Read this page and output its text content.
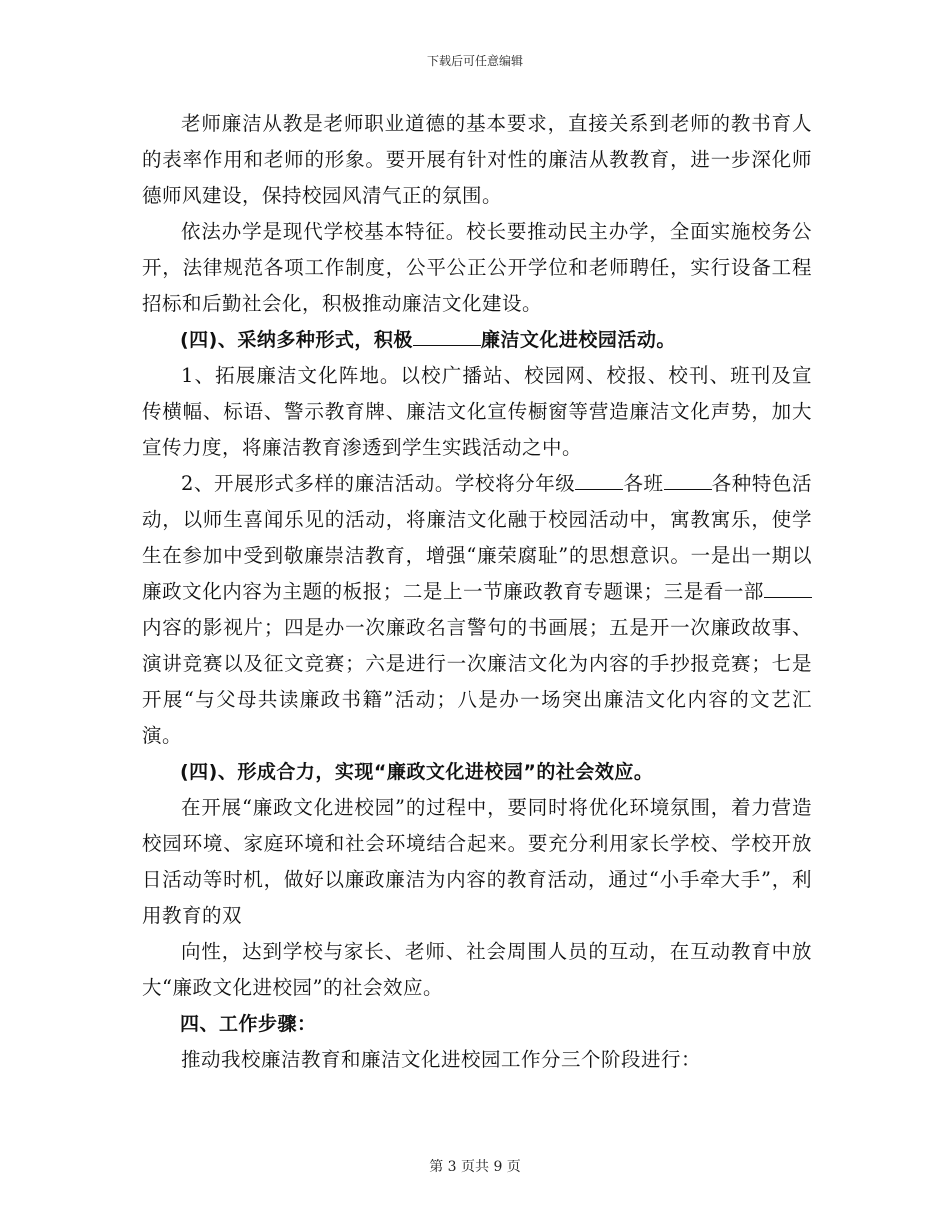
下载后可任意编辑

老师廉洁从教是老师职业道德的基本要求，直接关系到老师的教书育人的表率作用和老师的形象。要开展有针对性的廉洁从教教育，进一步深化师德师风建设，保持校园风清气正的氛围。

依法办学是现代学校基本特征。校长要推动民主办学，全面实施校务公开，法律规范各项工作制度，公平公正公开学位和老师聘任，实行设备工程招标和后勤社会化，积极推动廉洁文化建设。

(四)、采纳多种形式，积极	廉洁文化进校园活动。

1、拓展廉洁文化阵地。以校广播站、校园网、校报、校刊、班刊及宣传横幅、标语、警示教育牌、廉洁文化宣传橱窗等营造廉洁文化声势，加大宣传力度，将廉洁教育渗透到学生实践活动之中。

2、开展形式多样的廉洁活动。学校将分年级 各班 各种特色活动，以师生喜闻乐见的活动，将廉洁文化融于校园活动中，寓教寓乐，使学生在参加中受到敬廉崇洁教育，增强“廉荣腐耻”的思想意识。一是出一期以廉政文化内容为主题的板报；二是上一节廉政教育专题课；三是看一部内容的影视片；四是办一次廉政名言警句的书画展；五是开一次廉政故事、演讲竞赛以及征文竞赛；六是进行一次廉洁文化为内容的手抄报竞赛；七是开展“与父母共读廉政书籍”活动；八是办一场突出廉洁文化内容的文艺汇演。

(四)、形成合力，实现“廉政文化进校园”的社会效应。

在开展“廉政文化进校园”的过程中，要同时将优化环境氛围，着力营造校园环境、家庭环境和社会环境结合起来。要充分利用家长学校、学校开放日活动等时机，做好以廉政廉洁为内容的教育活动，通过“小手牵大手”，利用教育的双

向性，达到学校与家长、老师、社会周围人员的互动，在互动教育中放大“廉政文化进校园”的社会效应。

四、工作步骤：

推动我校廉洁教育和廉洁文化进校园工作分三个阶段进行：

第 3 页共 9 页
